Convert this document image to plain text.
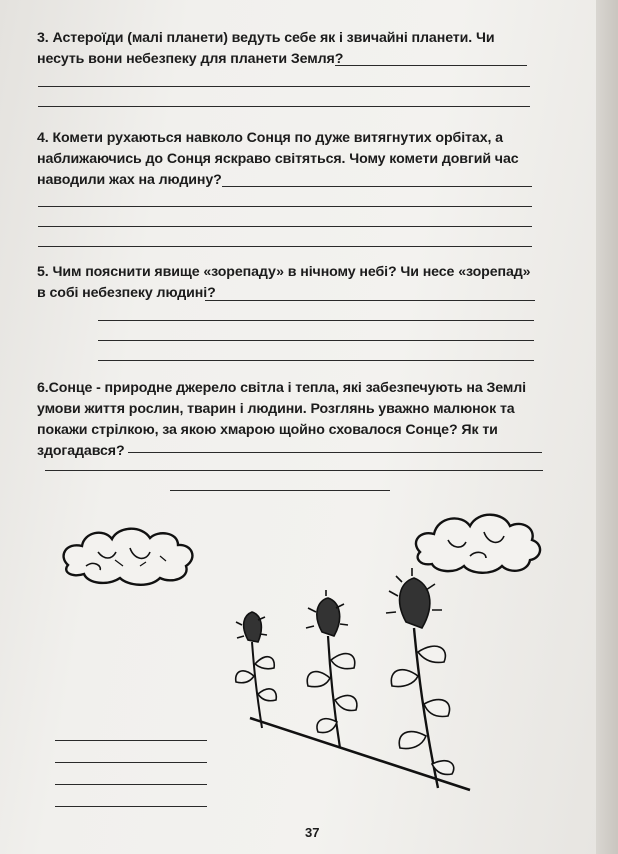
3. Астероїди (малі планети) ведуть себе як і звичайні планети. Чи несуть вони небезпеку для планети Земля?
4. Комети рухаються навколо Сонця по дуже витягнутих орбітах, а наближаючись до Сонця яскраво світяться. Чому комети довгий час наводили жах на людину?
5. Чим пояснити явище «зорепаду» в нічному небі? Чи несе «зорепад» в собі небезпеку людині?
6.Сонце - природне джерело світла і тепла, які забезпечують на Землі умови життя рослин, тварин і людини. Розглянь уважно малюнок та покажи стрілкою, за якою хмарою щойно сховалося Сонце? Як ти здогадався?
37
